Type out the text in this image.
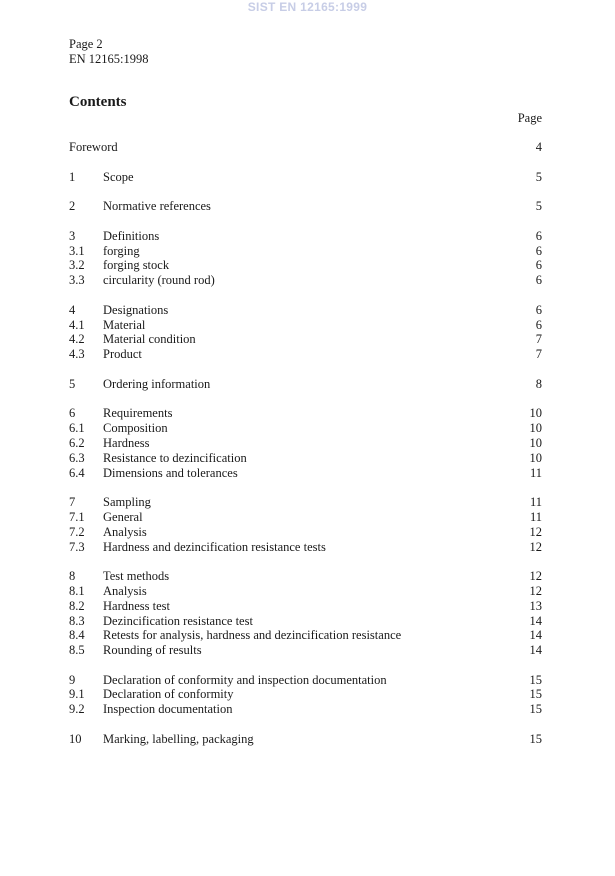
SIST EN 12165:1999
Page 2
EN 12165:1998
Contents
Page
Foreword	4
1 Scope	5
2 Normative references	5
3 Definitions	6
3.1 forging	6
3.2 forging stock	6
3.3 circularity (round rod)	6
4 Designations	6
4.1 Material	6
4.2 Material condition	7
4.3 Product	7
5 Ordering information	8
6 Requirements	10
6.1 Composition	10
6.2 Hardness	10
6.3 Resistance to dezincification	10
6.4 Dimensions and tolerances	11
7 Sampling	11
7.1 General	11
7.2 Analysis	12
7.3 Hardness and dezincification resistance tests	12
8 Test methods	12
8.1 Analysis	12
8.2 Hardness test	13
8.3 Dezincification resistance test	14
8.4 Retests for analysis, hardness and dezincification resistance	14
8.5 Rounding of results	14
9 Declaration of conformity and inspection documentation	15
9.1 Declaration of conformity	15
9.2 Inspection documentation	15
10 Marking, labelling, packaging	15
